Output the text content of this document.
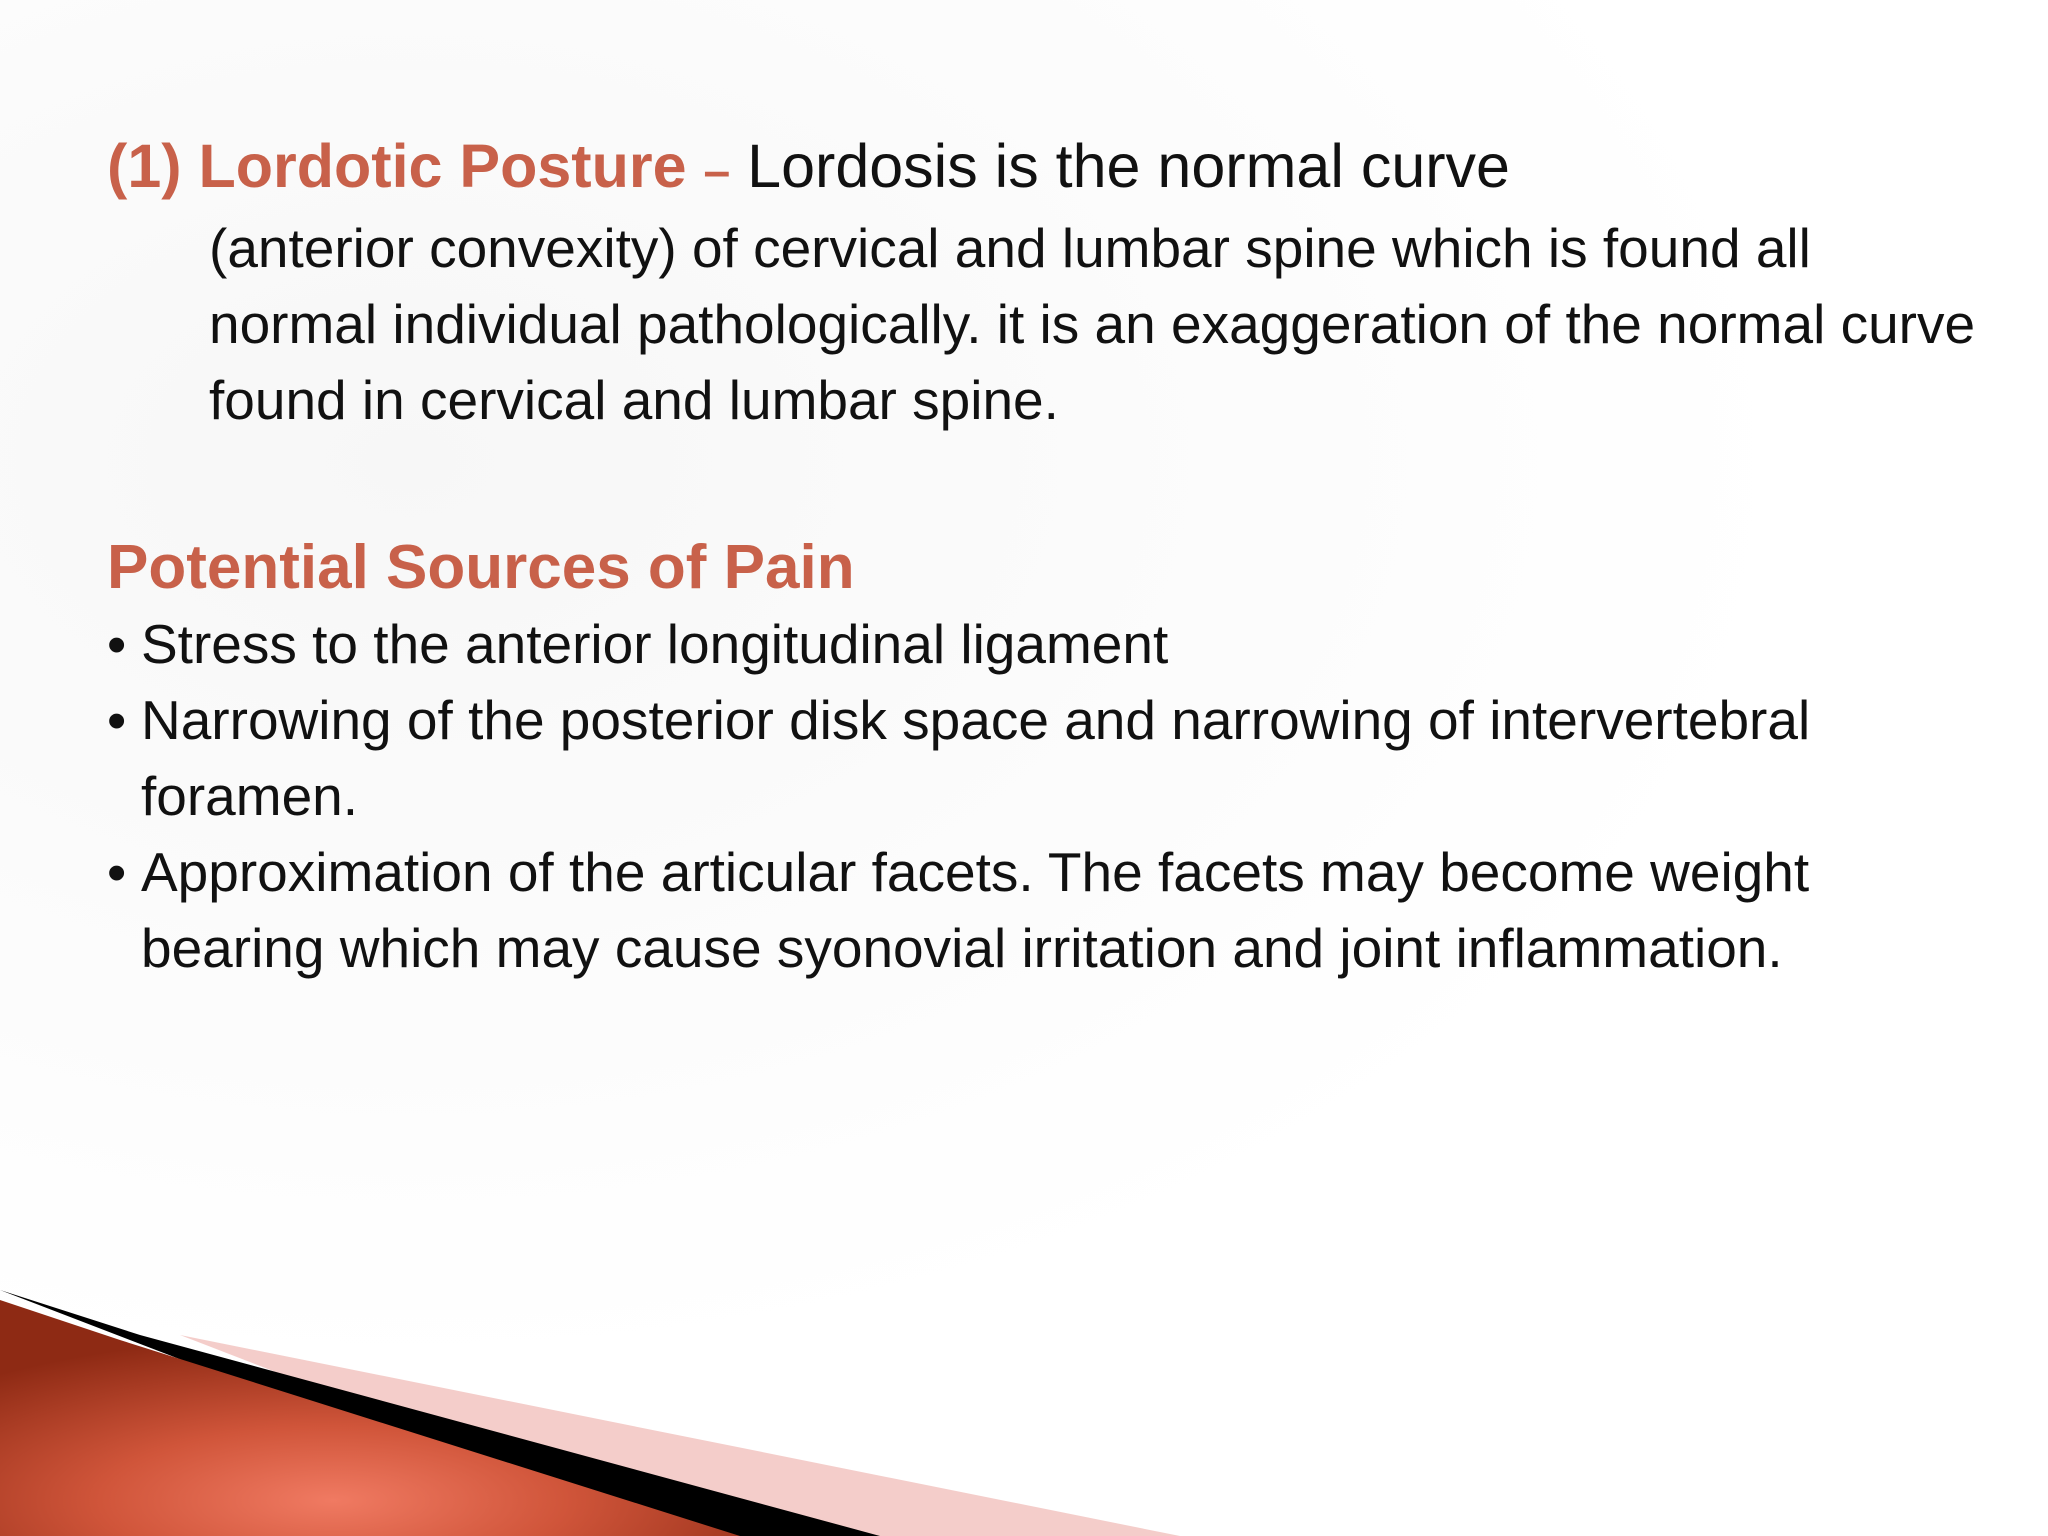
(1) Lordotic Posture – Lordosis is the normal curve

(anterior convexity) of cervical and lumbar spine which is found all normal individual pathologically. it is an exaggeration of the normal curve found in cervical and lumbar spine.

Potential Sources of Pain
• Stress to the anterior longitudinal ligament
• Narrowing of the posterior disk space and narrowing of intervertebral foramen.
• Approximation of the articular facets. The facets may become weight bearing which may cause syonovial irritation and joint inflammation.
